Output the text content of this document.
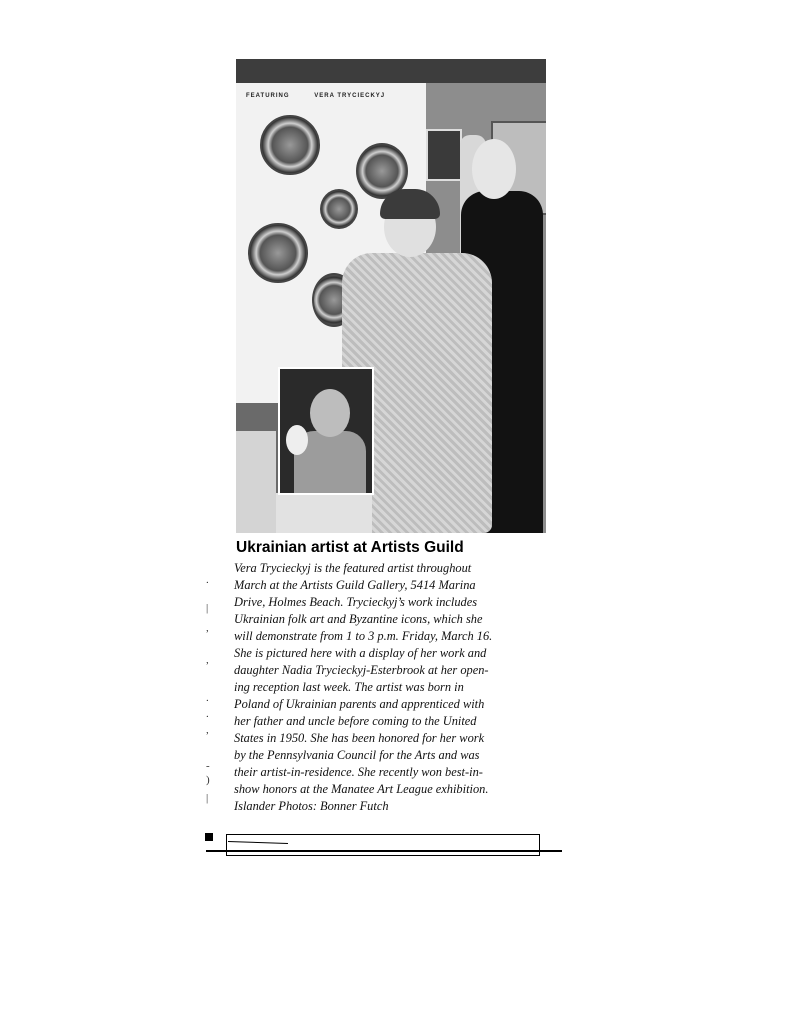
FEATURING	VERA TRYCIECKYJ
Ukrainian artist at Artists Guild
Vera Trycieckyj is the featured artist throughout
March at the Artists Guild Gallery, 5414 Marina
Drive, Holmes Beach. Trycieckyj’s work includes
Ukrainian folk art and Byzantine icons, which she
will demonstrate from 1 to 3 p.m. Friday, March 16.
She is pictured here with a display of her work and
daughter Nadia Trycieckyj-Esterbrook at her open-
ing reception last week. The artist was born in
Poland of Ukrainian parents and apprenticed with
her father and uncle before coming to the United
States in 1950. She has been honored for her work
by the Pennsylvania Council for the Arts and was
their artist-in-residence. She recently won best-in-
show honors at the Manatee Art League exhibition.
Islander Photos: Bonner Futch
.
|
,
,
.
.
,
-
)
|
